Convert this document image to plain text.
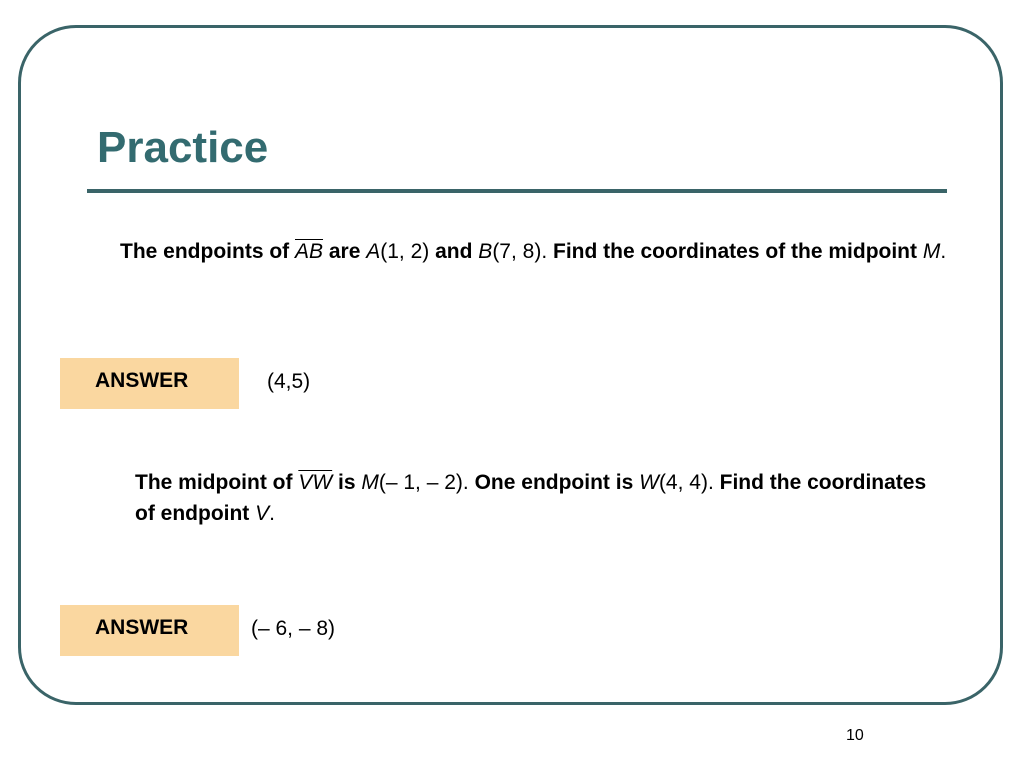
Practice

The endpoints of $\overline{AB}$ are A(1, 2) and B(7, 8). Find the coordinates of the midpoint M.

ANSWER	(4,5)

The midpoint of $\overline{VW}$ is M(– 1, – 2). One endpoint is W(4, 4). Find the coordinates of endpoint V.

ANSWER	(– 6, – 8)
10
